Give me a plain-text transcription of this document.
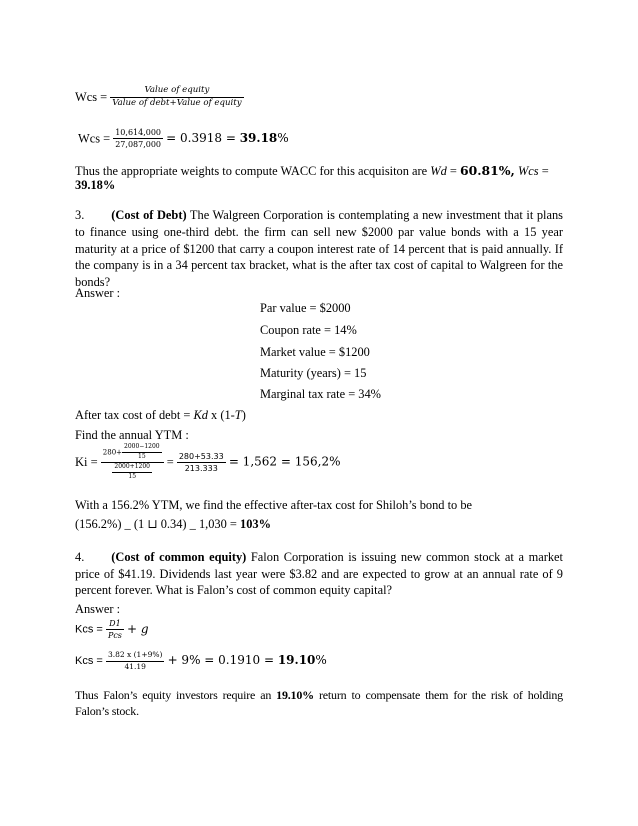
Wcs = $\frac{\text{Value of equity}}{\text{Value of debt+Value of equity}}$
Wcs = $\frac{10,614,000}{27,087,000} = 0.3918 = 39.18\%$
Thus the appropriate weights to compute WACC for this acquisiton are Wd = 60.81%, Wcs =
39.18%
3. (Cost of Debt) The Walgreen Corporation is contemplating a new investment that it plans to finance using one-third debt. the firm can sell new $2000 par value bonds with a 15 year maturity at a price of $1200 that carry a coupon interest rate of 14 percent that is paid annually. If the company is in a 34 percent tax bracket, what is the after tax cost of capital to Walgreen for the bonds?
Answer :
Par value = $2000
Coupon rate = 14%
Market value = $1200
Maturity (years) = 15
Marginal tax rate = 34%
After tax cost of debt = Kd x (1-T)
Find the annual YTM :
$Ki = \frac{280+ \frac{2000-1200}{15}}{\frac{2000+1200}{15}} = \frac{280+53.33}{213.333} = 1,562 = 156,2\%$
With a 156.2% YTM, we find the effective after-tax cost for Shiloh’s bond to be
(156.2%) _ (1 ⊔ 0.34) _ 1,030 = 103%
4. (Cost of common equity) Falon Corporation is issuing new common stock at a market price of $41.19. Dividends last year were $3.82 and are expected to grow at an annual rate of 9 percent forever. What is Falon’s cost of common equity capital?
Answer :
Kcs = $\frac{D1}{\text{Pcs}} + g$
Kcs = $\frac{3.82 x (1+9\%)}{41.19} + 9\% = 0.1910 = 19.10\%$
Thus Falon’s equity investors require an 19.10% return to compensate them for the risk of holding Falon’s stock.
